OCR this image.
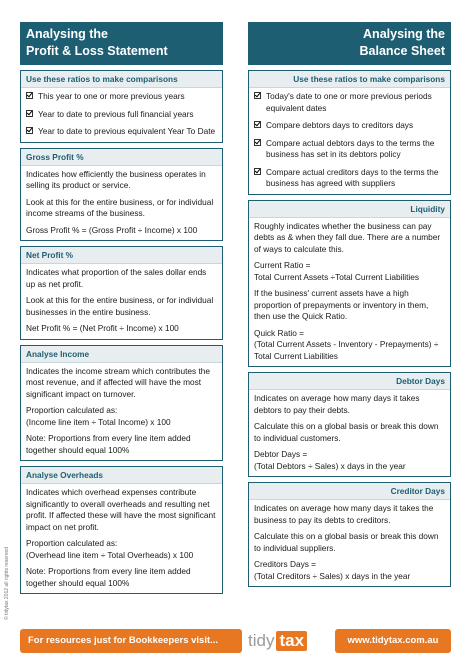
Analysing the
Profit & Loss Statement
Use these ratios to make comparisons
This year to one or more previous years
Year to date to previous full financial years
Year to date to previous equivalent Year To Date
Gross Profit %

Indicates how efficiently the business operates in selling its product or service.

Look at this for the entire business, or for individual income streams of the business.

Gross Profit % = (Gross Profit ÷ Income) x 100

Net Profit %

Indicates what proportion of the sales dollar ends up as net profit.

Look at this for the entire business, or for individual businesses in the entire business.

Net Profit % = (Net Profit ÷ Income) x 100

Analyse Income

Indicates the income stream which contributes the most revenue, and if affected will have the most significant impact on turnover.

Proportion calculated as:
(Income line item ÷ Total Income) x 100

Note: Proportions from every line item added together should equal 100%

Analyse Overheads

Indicates which overhead expenses contribute significantly to overall overheads and resulting net profit. If affected these will have the most significant impact on net profit.

Proportion calculated as:
(Overhead line item ÷ Total Overheads) x 100

Note: Proportions from every line item added together should equal 100%

Analysing the
Balance Sheet
Use these ratios to make comparisons
Today's date to one or more previous periods equivalent dates
Compare debtors days to creditors days
Compare actual debtors days to the terms the business has set in its debtors policy
Compare actual creditors days to the terms the business has agreed with suppliers
Liquidity

Roughly indicates whether the business can pay debts as & when they fall due. There are a number of ways to calculate this.

Current Ratio =
Total Current Assets ÷Total Current Liabilities

If the business' current assets have a high proportion of prepayments or inventory in them, then use the Quick Ratio.

Quick Ratio =
(Total Current Assets - Inventory - Prepayments) ÷ Total Current Liabilities

Debtor Days

Indicates on average how many days it takes debtors to pay their debts.

Calculate this on a global basis or break this down to individual customers.

Debtor Days =
(Total Debtors ÷ Sales) x days in the year

Creditor Days

Indicates on average how many days it takes the business to pay its debts to creditors.

Calculate this on a global basis or break this down to individual suppliers.

Creditors Days =
(Total Creditors ÷ Sales) x days in the year

© tidytax 2012 all rights reserved
For resources just for Bookkeepers visit...	tidy tax	www.tidytax.com.au
